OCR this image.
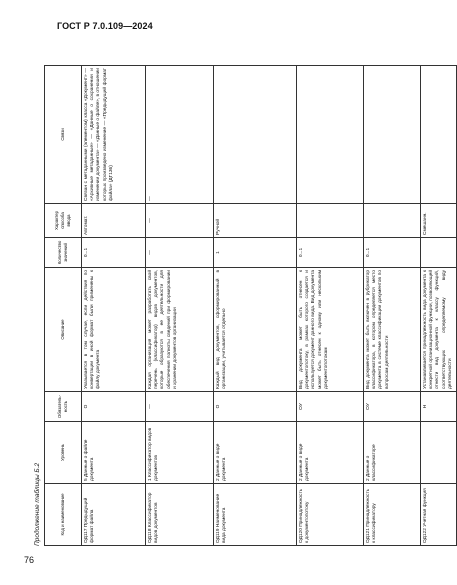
ГОСТ Р 7.0.109—2024
76
Продолжение таблицы Б.2	Код и наименование	Уровень	Обязатель-ность	Описание	Количество значений	Характер способа ввода	Связи
ОД117 Предыдущий формат файла	5 Данные о файле документа	О	Указывается в том случае, если действия по конвертации в иной формат были применены к файлу документа	0...1	Автомат.	Связан с метаданными (элементом) класса «Документ» — «Архивные метаданные» — «Данные о сохранении и изменении документа» — «Данные о файле», в отношении которых произведено изменение — «Предыдущий формат файла» (ДГ136)
ОД118 Классификатор видов документов	1 Классификатор видов документов	—	Каждая организация может разработать свой перечень (классификатор) видов документов, которые образуются в ее деятельности для обеспечения полноты сведений при формировании и хранении документов организации	—	—	—
ОД119 Наименование вида документа	2 Данные о виде документа	О	Каждый вид документов, сформированный в организации, учитывается отдельно	1	Ручной	
ОД120 Принадлежность к документопотоку	2 Данные о виде документа	ОУ	Вид документа может быть отнесен к документопотоку, в рамках которого создается и используется документ данного вида. Вид документа может быть отнесен к одному или нескольким документопотокам	0...1		
ОД121 Принадлежность к классификатору	2 Данные о классификаторе	ОУ	Вид документа может быть включен в рубрикатор классификатора, в котором определяется место документа в системе классификации документов по вопросам деятельности	0...1		
ОД122 Учетная функция		Н	Устанавливается принадлежность вида документа к конкретной организационной функции, позволяющей отнести вид документа к классу функций, соответствующих определяемому виду деятельности		Смешанн.	
